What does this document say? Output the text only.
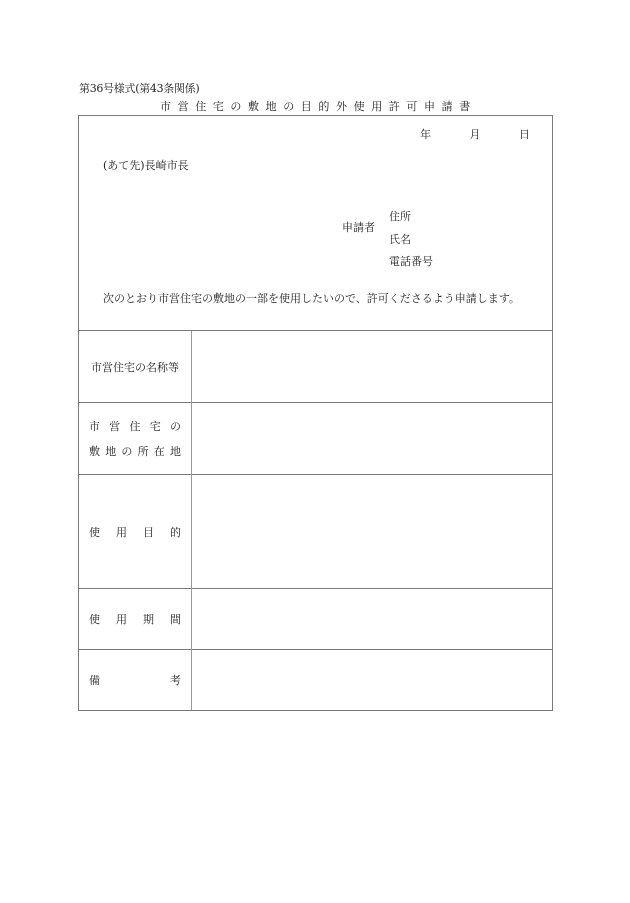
第36号様式(第43条関係)
市営住宅の敷地の目的外使用許可申請書
年	月	日
(あて先)長崎市長
申請者
住所
氏名
電話番号
次のとおり市営住宅の敷地の一部を使用したいので、許可くださるよう申請します。
市営住宅の名称等
市 営 住 宅 の
敷 地 の 所 在 地
使 用 目 的
使 用 期 間
備	考
